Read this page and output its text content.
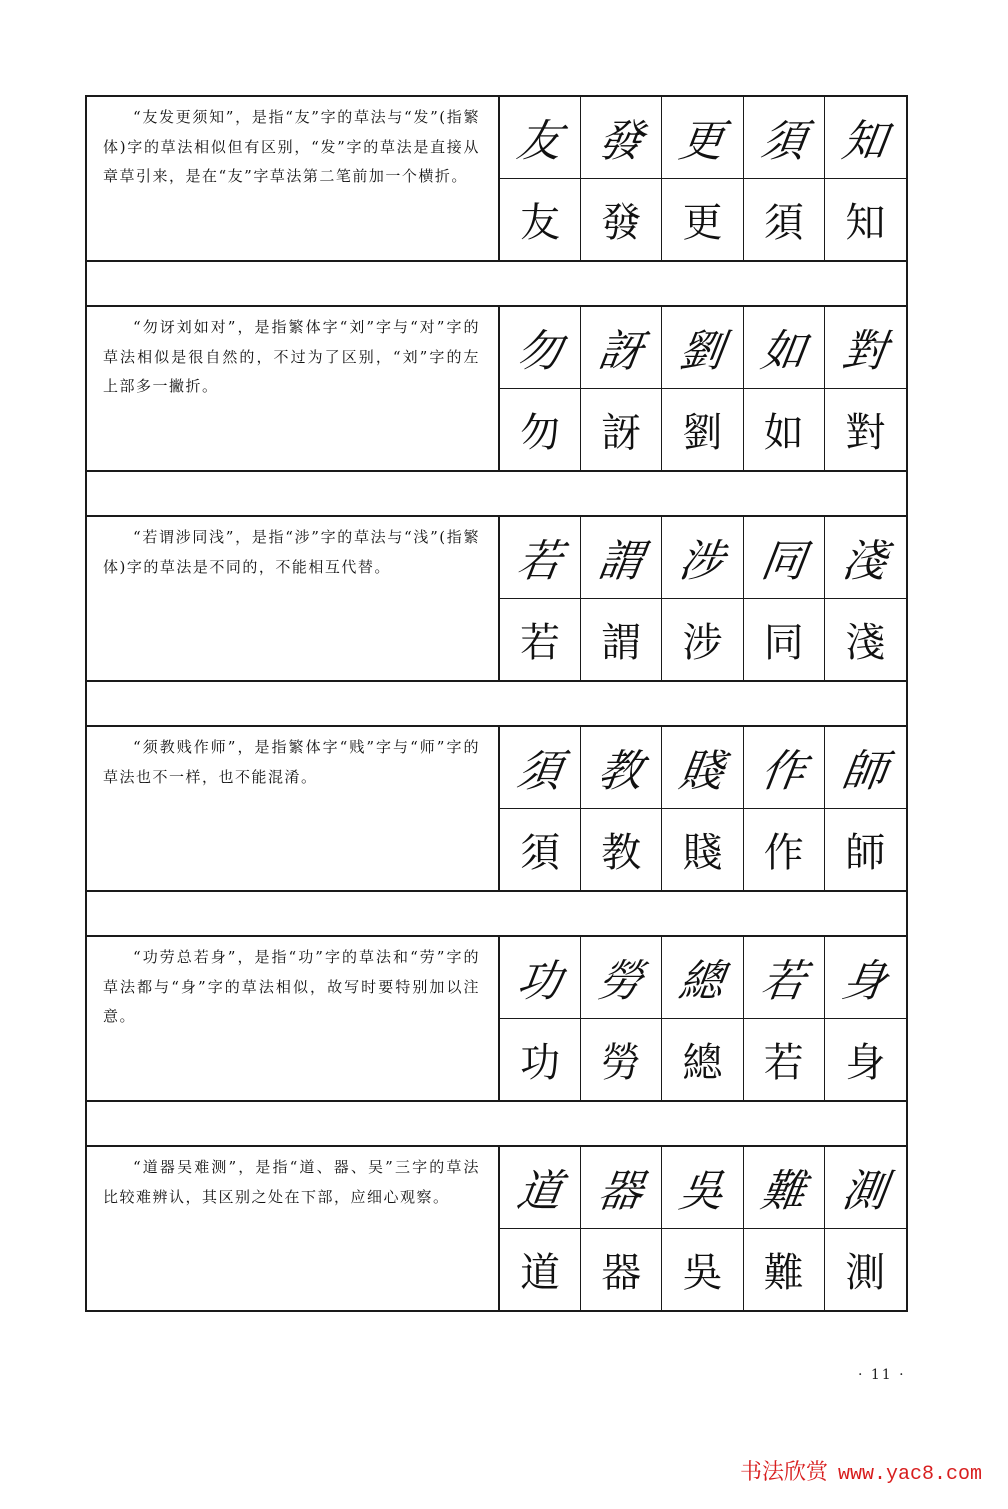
“友发更须知”，是指“友”字的草法与“发”(指繁体)字的草法相似但有区别，“发”字的草法是直接从章草引来，是在“友”字草法第二笔前加一个横折。
友 發 更 須 知
友 發 更 須 知
“勿讶刘如对”，是指繁体字“刘”字与“对”字的草法相似是很自然的，不过为了区别，“刘”字的左上部多一撇折。
勿 訝 劉 如 對
勿 訝 劉 如 對
“若谓涉同浅”，是指“涉”字的草法与“浅”(指繁体)字的草法是不同的，不能相互代替。	若 謂 涉 同 淺
若 謂 涉 同 淺
“须教贱作师”，是指繁体字“贱”字与“师”字的草法也不一样，也不能混淆。	須 教 賤 作 師
須 教 賤 作 師
“功劳总若身”，是指“功”字的草法和“劳”字的草法都与“身”字的草法相似，故写时要特别加以注意。
功 勞 總 若 身
功 勞 總 若 身
“道器吴难测”，是指“道、器、吴”三字的草法比较难辨认，其区别之处在下部，应细心观察。	道 器 吳 難 測
道 器 吳 難 測
· 11 ·

书法欣赏 www.yac8.com
